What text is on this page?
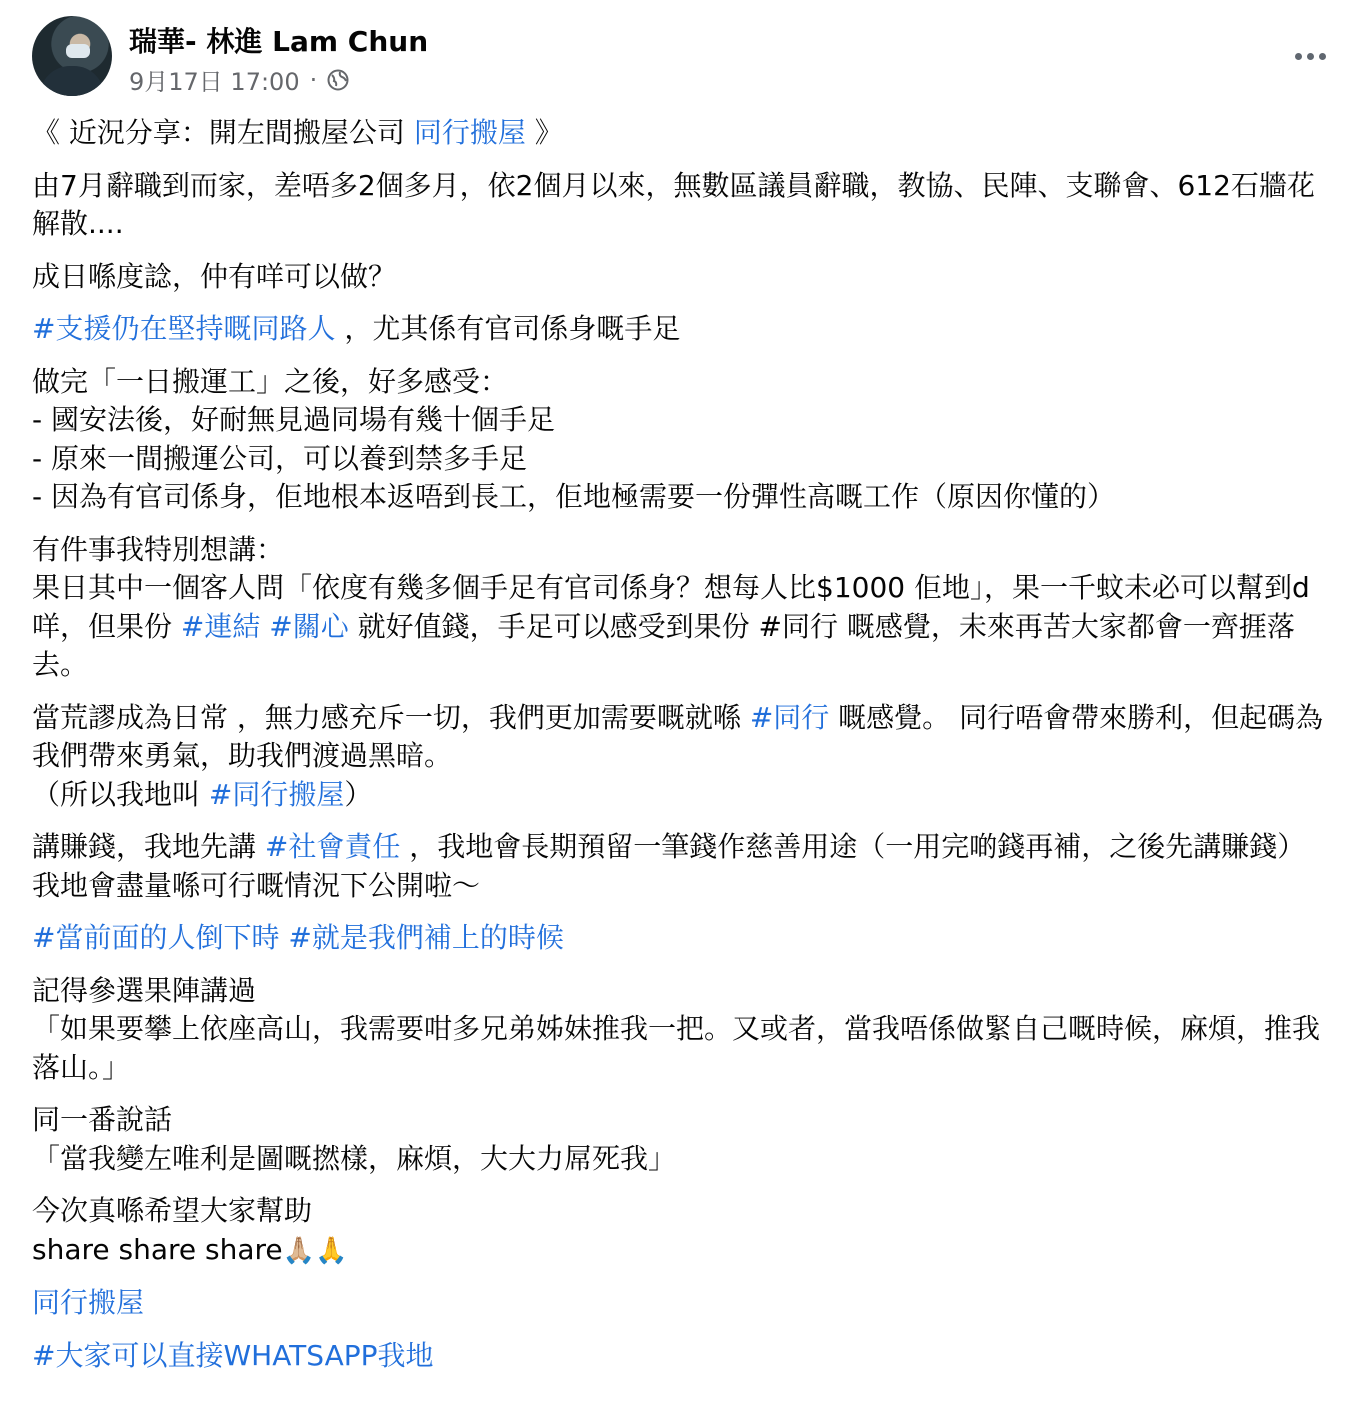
瑞華- 林進 Lam Chun
9月17日 17:00 ·

《 近況分享：開左間搬屋公司 同行搬屋 》

由7月辭職到而家，差唔多2個多月，依2個月以來，無數區議員辭職，教協、民陣、支聯會、612石牆花解散....

成日喺度諗，仲有咩可以做？

#支援仍在堅持嘅同路人 ，尤其係有官司係身嘅手足

做完「一日搬運工」之後，好多感受：
- 國安法後，好耐無見過同場有幾十個手足
- 原來一間搬運公司，可以養到禁多手足
- 因為有官司係身，佢地根本返唔到長工，佢地極需要一份彈性高嘅工作（原因你懂的）

有件事我特別想講：
果日其中一個客人問「依度有幾多個手足有官司係身？想每人比$1000 佢地」，果一千蚊未必可以幫到d咩，但果份 #連結 #關心 就好值錢，手足可以感受到果份 #同行 嘅感覺，未來再苦大家都會一齊捱落去。

當荒謬成為日常 ，無力感充斥一切，我們更加需要嘅就喺 #同行 嘅感覺。 同行唔會帶來勝利，但起碼為我們帶來勇氣，助我們渡過黑暗。
（所以我地叫 #同行搬屋）

講賺錢，我地先講 #社會責任 ，我地會長期預留一筆錢作慈善用途（一用完啲錢再補，之後先講賺錢）
我地會盡量喺可行嘅情況下公開啦～

#當前面的人倒下時 #就是我們補上的時候

記得參選果陣講過
「如果要攀上依座高山，我需要咁多兄弟姊妹推我一把。又或者，當我唔係做緊自己嘅時候，麻煩，推我落山。」

同一番說話
「當我變左唯利是圖嘅撚樣，麻煩，大大力屌死我」

今次真喺希望大家幫助
share share share🙏🏼🙏

同行搬屋

#大家可以直接WHATSAPP我地
